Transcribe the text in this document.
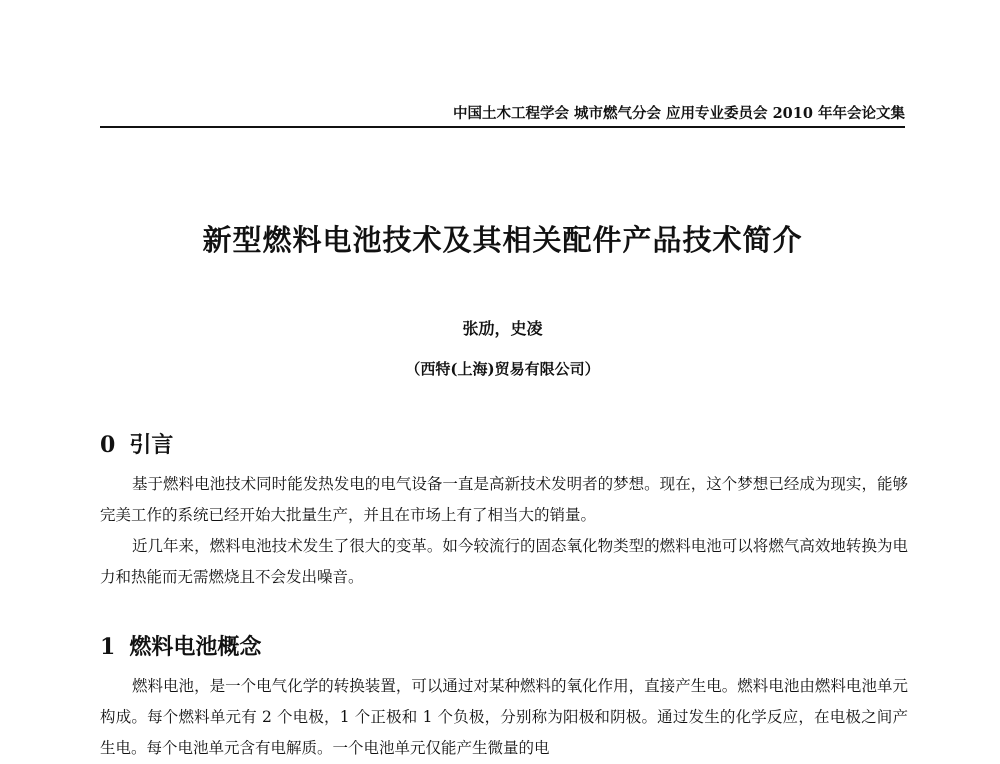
中国土木工程学会 城市燃气分会 应用专业委员会 2010 年年会论文集
新型燃料电池技术及其相关配件产品技术简介
张劢，史凌
（西特(上海)贸易有限公司）
0 引言

基于燃料电池技术同时能发热发电的电气设备一直是高新技术发明者的梦想。现在，这个梦想已经成为现实，能够完美工作的系统已经开始大批量生产，并且在市场上有了相当大的销量。

近几年来，燃料电池技术发生了很大的变革。如今较流行的固态氧化物类型的燃料电池可以将燃气高效地转换为电力和热能而无需燃烧且不会发出噪音。

1 燃料电池概念

燃料电池，是一个电气化学的转换装置，可以通过对某种燃料的氧化作用，直接产生电。燃料电池由燃料电池单元构成。每个燃料单元有 2 个电极，1 个正极和 1 个负极，分别称为阳极和阴极。通过发生的化学反应，在电极之间产生电。每个电池单元含有电解质。一个电池单元仅能产生微量的电
